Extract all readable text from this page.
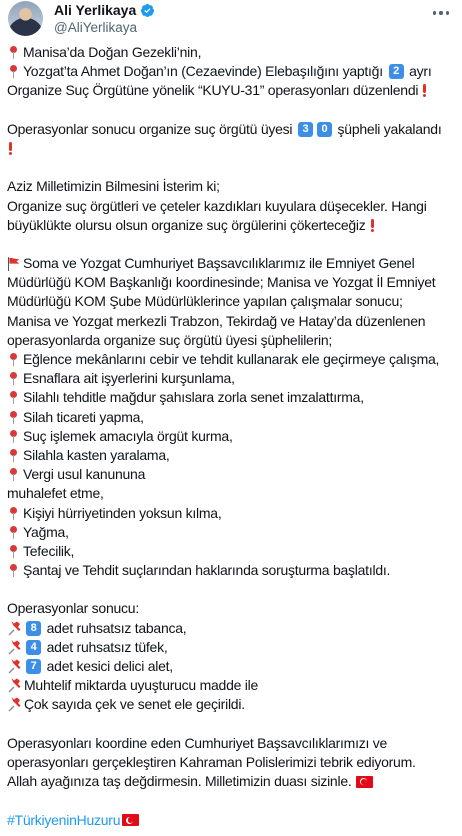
Ali Yerlikaya
@AliYerlikaya
Manisa’da Doğan Gezekli’nin,
Yozgat’ta Ahmet Doğan’ın (Cezaevinde) Elebaşılığını yaptığı
2
ayrı
Organize Suç Örgütüne yönelik “KUYU-31” operasyonları düzenlendi
Operasyonlar sonucu organize suç örgütü üyesi
3	0
şüpheli yakalandı
Aziz Milletimizin Bilmesini İsterim ki;
Organize suç örgütleri ve çeteler kazdıkları kuyulara düşecekler. Hangi
büyüklükte olursu olsun organize suç örgülerini çökerteceğiz
Soma ve Yozgat Cumhuriyet Başsavcılıklarımız ile Emniyet Genel
Müdürlüğü KOM Başkanlığı koordinesinde; Manisa ve Yozgat İl Emniyet
Müdürlüğü KOM Şube Müdürlüklerince yapılan çalışmalar sonucu;
Manisa ve Yozgat merkezli Trabzon, Tekirdağ ve Hatay’da düzenlenen
operasyonlarda organize suç örgütü üyesi şüphelilerin;
Eğlence mekânlarını cebir ve tehdit kullanarak ele geçirmeye çalışma,
Esnaflara ait işyerlerini kurşunlama,
Silahlı tehditle mağdur şahıslara zorla senet imzalattırma,
Silah ticareti yapma,
Suç işlemek amacıyla örgüt kurma,
Silahla kasten yaralama,
Vergi usul kanununa
muhalefet etme,
Kişiyi hürriyetinden yoksun kılma,
Yağma,
Tefecilik,
Şantaj ve Tehdit suçlarından haklarında soruşturma başlatıldı.
Operasyonlar sonucu:
8
adet ruhsatsız tabanca,
4
adet ruhsatsız tüfek,
7
adet kesici delici alet,
Muhtelif miktarda uyuşturucu madde ile
Çok sayıda çek ve senet ele geçirildi.
Operasyonları koordine eden Cumhuriyet Başsavcılıklarımızı ve
operasyonları gerçekleştiren Kahraman Polislerimizi tebrik ediyorum.
Allah ayağınıza taş değdirmesin. Milletimizin duası sizinle.
#TürkiyeninHuzuru
